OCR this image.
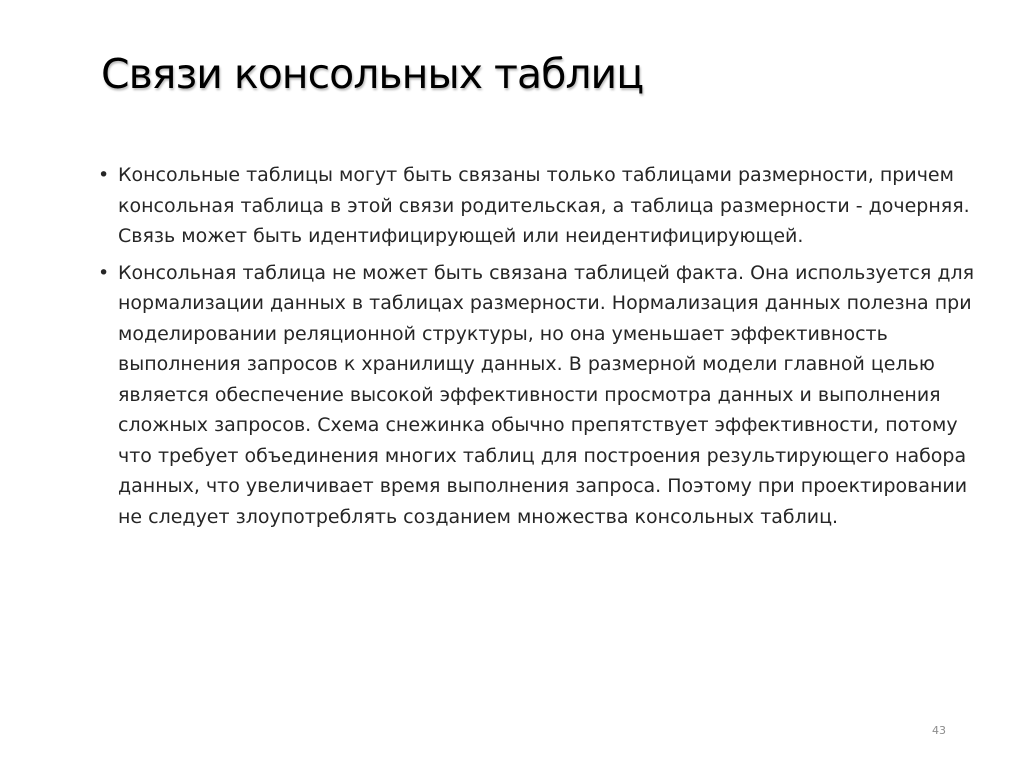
Связи консольных таблиц
• Консольные таблицы могут быть связаны только таблицами размерности, причем консольная таблица в этой связи родительская, а таблица размерности - дочерняя. Связь может быть идентифицирующей или неидентифицирующей.
• Консольная таблица не может быть связана таблицей факта. Она используется для нормализации данных в таблицах размерности. Нормализация данных полезна при моделировании реляционной структуры, но она уменьшает эффективность выполнения запросов к хранилищу данных. В размерной модели главной целью является обеспечение высокой эффективности просмотра данных и выполнения сложных запросов. Схема снежинка обычно препятствует эффективности, потому что требует объединения многих таблиц для построения результирующего набора данных, что увеличивает время выполнения запроса. Поэтому при проектировании не следует злоупотреблять созданием множества консольных таблиц.
43
